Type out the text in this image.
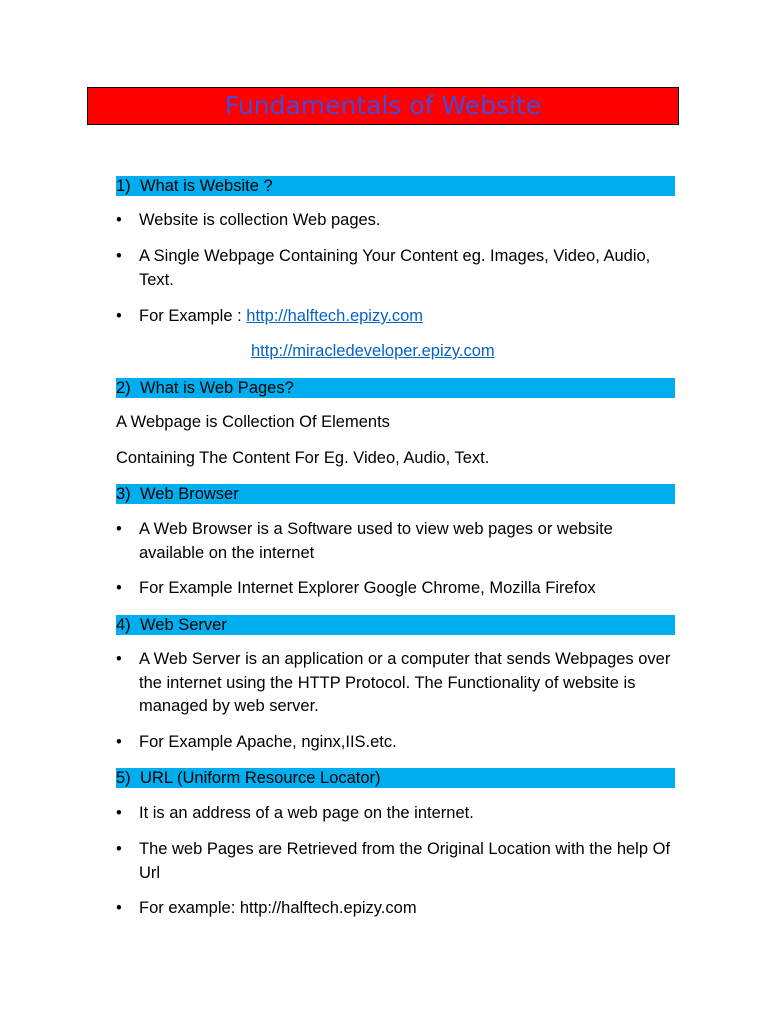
Fundamentals of Website
1) What is Website ?
•	Website is collection Web pages.
•	A Single Webpage Containing Your Content eg. Images, Video, Audio, Text.
•	For Example : http://halftech.epizy.com
http://miracledeveloper.epizy.com
2) What is Web Pages?
A Webpage is Collection Of Elements
Containing The Content For Eg. Video, Audio, Text.
3) Web Browser
•	A Web Browser is a Software used to view web pages or website available on the internet
•	For Example Internet Explorer Google Chrome, Mozilla Firefox
4) Web Server
•	A Web Server is an application or a computer that sends Webpages over the internet using the HTTP Protocol. The Functionality of website is managed by web server.
•	For Example Apache, nginx,IIS.etc.
5) URL (Uniform Resource Locator)
•	It is an address of a web page on the internet.
•	The web Pages are Retrieved from the Original Location with the help Of Url
•	For example: http://halftech.epizy.com
